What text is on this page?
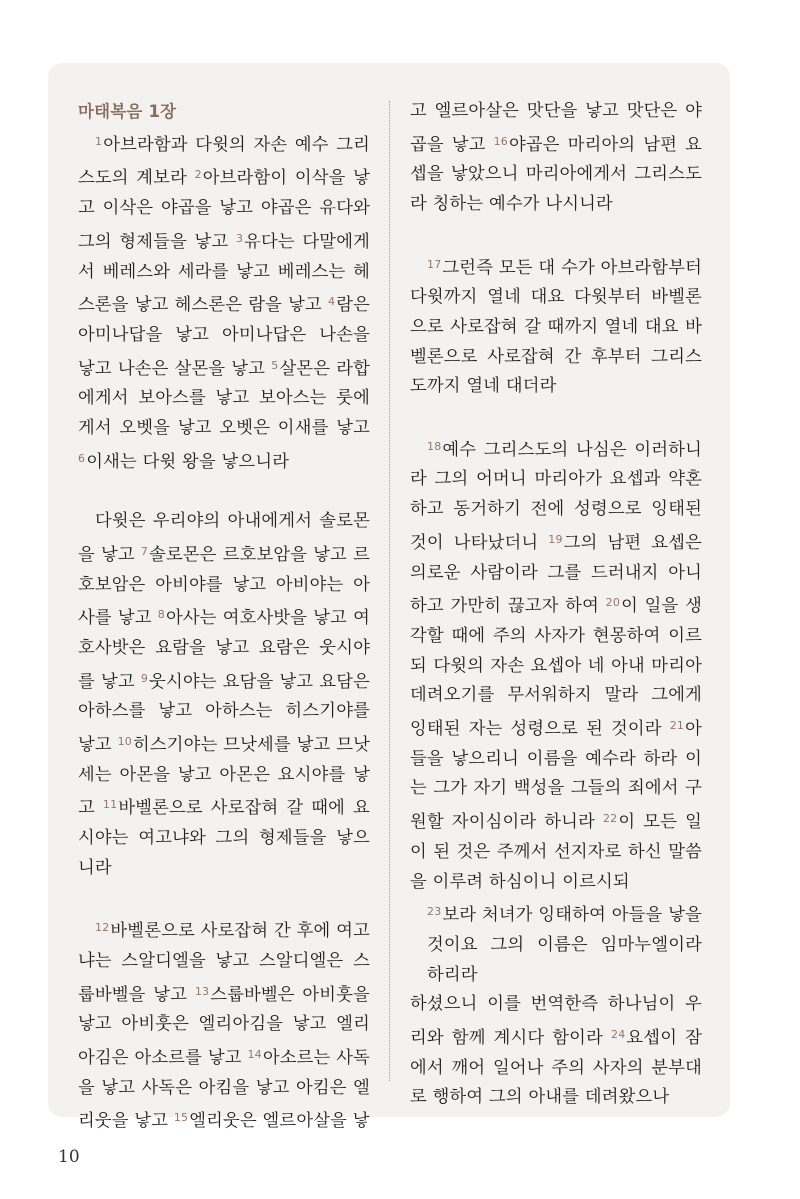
마태복음 1장

$^1$아브라함과 다윗의 자손 예수 그리스도의 계보라 $^2$아브라함이 이삭을 낳고 이삭은 야곱을 낳고 야곱은 유다와 그의 형제들을 낳고 $^3$유다는 다말에게서 베레스와 세라를 낳고 베레스는 헤스론을 낳고 헤스론은 람을 낳고 $^4$람은 아미나답을 낳고 아미나답은 나손을 낳고 나손은 살몬을 낳고 $^5$살몬은 라합에게서 보아스를 낳고 보아스는 룻에게서 오벳을 낳고 오벳은 이새를 낳고 $^6$이새는 다윗 왕을 낳으니라

다윗은 우리야의 아내에게서 솔로몬을 낳고 $^7$솔로몬은 르호보암을 낳고 르호보암은 아비야를 낳고 아비야는 아사를 낳고 $^8$아사는 여호사밧을 낳고 여호사밧은 요람을 낳고 요람은 웃시야를 낳고 $^9$웃시야는 요담을 낳고 요담은 아하스를 낳고 아하스는 히스기야를 낳고 $^{10}$히스기야는 므낫세를 낳고 므낫세는 아몬을 낳고 아몬은 요시야를 낳고 $^{11}$바벨론으로 사로잡혀 갈 때에 요시야는 여고냐와 그의 형제들을 낳으니라

$^{12}$바벨론으로 사로잡혀 간 후에 여고냐는 스알디엘을 낳고 스알디엘은 스룹바벨을 낳고 $^{13}$스룹바벨은 아비훗을 낳고 아비훗은 엘리아김을 낳고 엘리아김은 아소르를 낳고 $^{14}$아소르는 사독을 낳고 사독은 아킴을 낳고 아킴은 엘리웃을 낳고 $^{15}$엘리웃은 엘르아살을 낳

고 엘르아살은 맛단을 낳고 맛단은 야곱을 낳고 $^{16}$야곱은 마리아의 남편 요셉을 낳았으니 마리아에게서 그리스도라 칭하는 예수가 나시니라

$^{17}$그런즉 모든 대 수가 아브라함부터 다윗까지 열네 대요 다윗부터 바벨론으로 사로잡혀 갈 때까지 열네 대요 바벨론으로 사로잡혀 간 후부터 그리스도까지 열네 대더라

$^{18}$예수 그리스도의 나심은 이러하니라 그의 어머니 마리아가 요셉과 약혼하고 동거하기 전에 성령으로 잉태된 것이 나타났더니 $^{19}$그의 남편 요셉은 의로운 사람이라 그를 드러내지 아니하고 가만히 끊고자 하여 $^{20}$이 일을 생각할 때에 주의 사자가 현몽하여 이르되 다윗의 자손 요셉아 네 아내 마리아 데려오기를 무서워하지 말라 그에게 잉태된 자는 성령으로 된 것이라 $^{21}$아들을 낳으리니 이름을 예수라 하라 이는 그가 자기 백성을 그들의 죄에서 구원할 자이심이라 하니라 $^{22}$이 모든 일이 된 것은 주께서 선지자로 하신 말씀을 이루려 하심이니 이르시되

$^{23}$보라 처녀가 잉태하여 아들을 낳을 것이요 그의 이름은 임마누엘이라 하리라

하셨으니 이를 번역한즉 하나님이 우리와 함께 계시다 함이라 $^{24}$요셉이 잠에서 깨어 일어나 주의 사자의 분부대로 행하여 그의 아내를 데려왔으나

10
